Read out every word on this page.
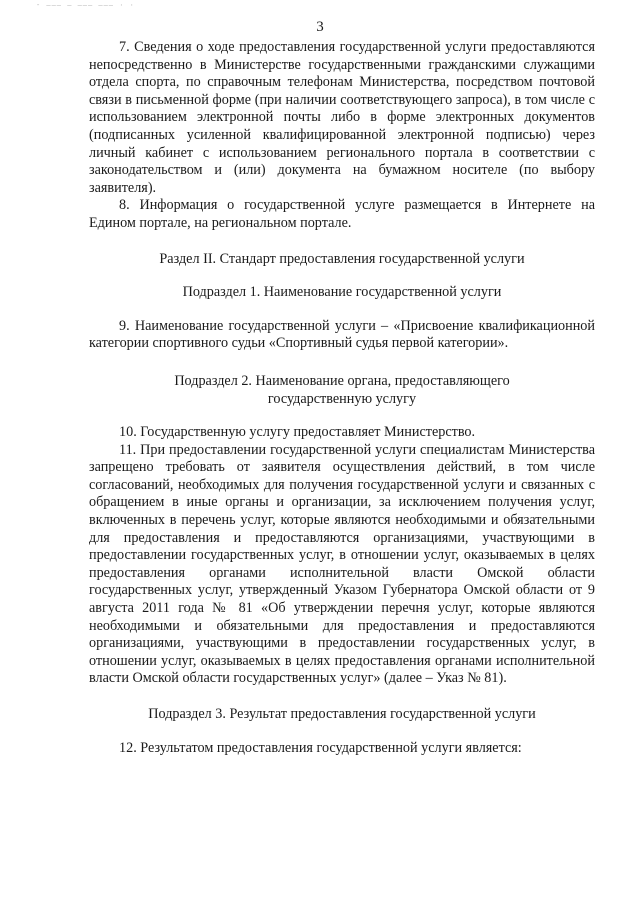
- ——— — ——— ——— · ·
3

7. Сведения о ходе предоставления государственной услуги предоставляются непосредственно в Министерстве государственными гражданскими служащими отдела спорта, по справочным телефонам Министерства, посредством почтовой связи в письменной форме (при наличии соответствующего запроса), в том числе с использованием электронной почты либо в форме электронных документов (подписанных усиленной квалифицированной электронной подписью) через личный кабинет с использованием регионального портала в соответствии с законодательством и (или) документа на бумажном носителе (по выбору заявителя).

8. Информация о государственной услуге размещается в Интернете на Едином портале, на региональном портале.

Раздел II. Стандарт предоставления государственной услуги

Подраздел 1. Наименование государственной услуги

9. Наименование государственной услуги – «Присвоение квалификационной категории спортивного судьи «Спортивный судья первой категории».

Подраздел 2. Наименование органа, предоставляющего

государственную услугу

10. Государственную услугу предоставляет Министерство.

11. При предоставлении государственной услуги специалистам Министерства запрещено требовать от заявителя осуществления действий, в том числе согласований, необходимых для получения государственной услуги и связанных с обращением в иные органы и организации, за исключением получения услуг, включенных в перечень услуг, которые являются необходимыми и обязательными для предоставления и предоставляются организациями, участвующими в предоставлении государственных услуг, в отношении услуг, оказываемых в целях предоставления органами исполнительной власти Омской области государственных услуг, утвержденный Указом Губернатора Омской области от 9 августа 2011 года № 81 «Об утверждении перечня услуг, которые являются необходимыми и обязательными для предоставления и предоставляются организациями, участвующими в предоставлении государственных услуг, в отношении услуг, оказываемых в целях предоставления органами исполнительной власти Омской области государственных услуг» (далее – Указ № 81).

Подраздел 3. Результат предоставления государственной услуги

12. Результатом предоставления государственной услуги является:
